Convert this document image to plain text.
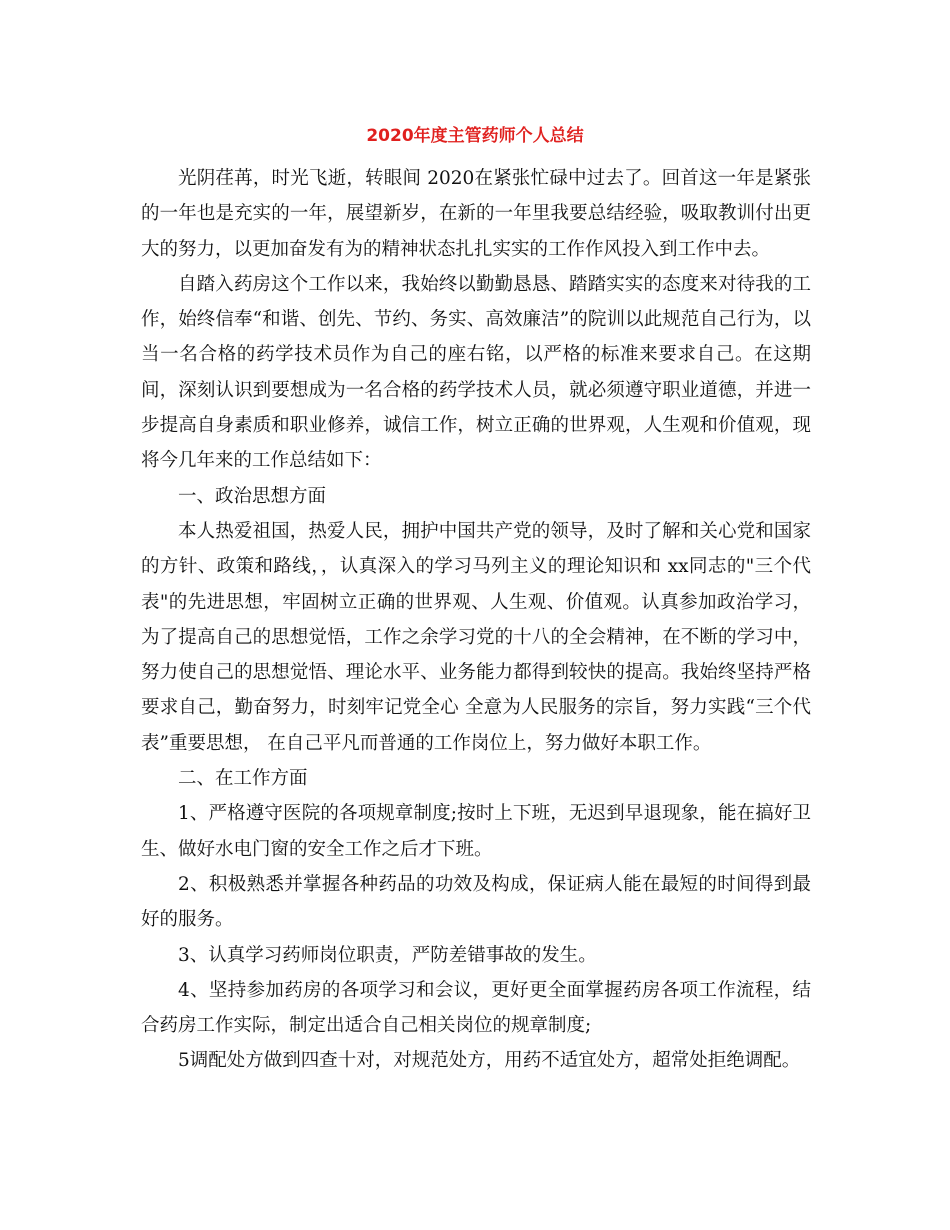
2020年度主管药师个人总结

光阴荏苒，时光飞逝，转眼间 2020在紧张忙碌中过去了。回首这一年是紧张的一年也是充实的一年，展望新岁，在新的一年里我要总结经验，吸取教训付出更大的努力，以更加奋发有为的精神状态扎扎实实的工作作风投入到工作中去。

自踏入药房这个工作以来，我始终以勤勤恳恳、踏踏实实的态度来对待我的工作，始终信奉“和谐、创先、节约、务实、高效廉洁”的院训以此规范自己行为，以当一名合格的药学技术员作为自己的座右铭，以严格的标准来要求自己。在这期间，深刻认识到要想成为一名合格的药学技术人员，就必须遵守职业道德，并进一步提高自身素质和职业修养，诚信工作，树立正确的世界观，人生观和价值观，现将今几年来的工作总结如下：

一、政治思想方面

本人热爱祖国，热爱人民，拥护中国共产党的领导，及时了解和关心党和国家的方针、政策和路线，，认真深入的学习马列主义的理论知识和 xx同志的"三个代表"的先进思想，牢固树立正确的世界观、人生观、价值观。认真参加政治学习，为了提高自己的思想觉悟，工作之余学习党的十八的全会精神，在不断的学习中，努力使自己的思想觉悟、理论水平、业务能力都得到较快的提高。我始终坚持严格要求自己，勤奋努力，时刻牢记党全心 全意为人民服务的宗旨，努力实践“三个代表”重要思想， 在自己平凡而普通的工作岗位上，努力做好本职工作。

二、在工作方面

1、严格遵守医院的各项规章制度;按时上下班，无迟到早退现象，能在搞好卫生、做好水电门窗的安全工作之后才下班。

2、积极熟悉并掌握各种药品的功效及构成，保证病人能在最短的时间得到最好的服务。

3、认真学习药师岗位职责，严防差错事故的发生。

4、坚持参加药房的各项学习和会议，更好更全面掌握药房各项工作流程，结合药房工作实际，制定出适合自己相关岗位的规章制度;

5调配处方做到四查十对，对规范处方，用药不适宜处方，超常处拒绝调配。
